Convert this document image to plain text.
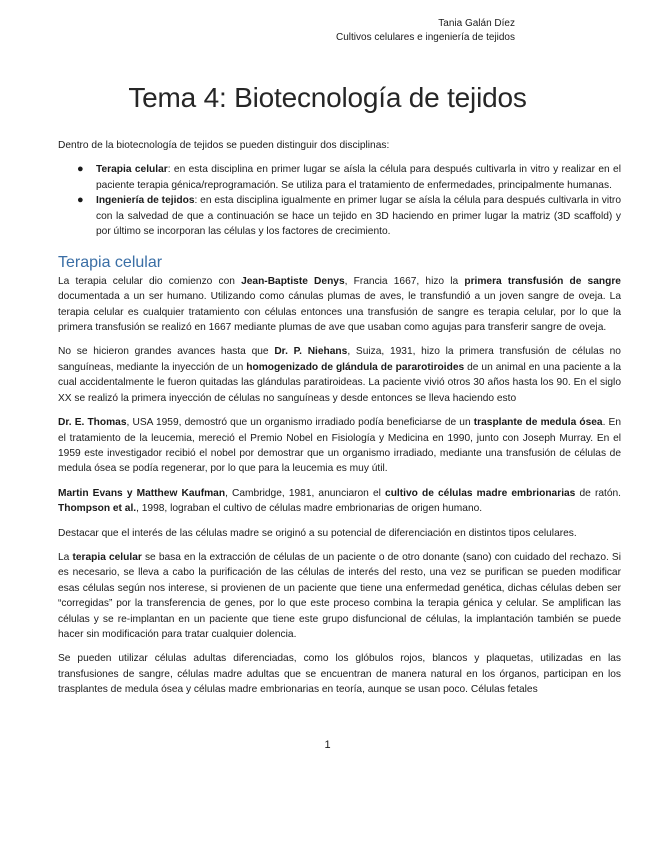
Tania Galán Díez
Cultivos celulares e ingeniería de tejidos
Tema 4: Biotecnología de tejidos

Dentro de la biotecnología de tejidos se pueden distinguir dos disciplinas:

● Terapia celular: en esta disciplina en primer lugar se aísla la célula para después cultivarla in vitro y realizar en el paciente terapia génica/reprogramación. Se utiliza para el tratamiento de enfermedades, principalmente humanas.
● Ingeniería de tejidos: en esta disciplina igualmente en primer lugar se aísla la célula para después cultivarla in vitro con la salvedad de que a continuación se hace un tejido en 3D haciendo en primer lugar la matriz (3D scaffold) y por último se incorporan las células y los factores de crecimiento.
Terapia celular

La terapia celular dio comienzo con Jean-Baptiste Denys, Francia 1667, hizo la primera transfusión de sangre documentada a un ser humano. Utilizando como cánulas plumas de aves, le transfundió a un joven sangre de oveja. La terapia celular es cualquier tratamiento con células entonces una transfusión de sangre es terapia celular, por lo que la primera transfusión se realizó en 1667 mediante plumas de ave que usaban como agujas para transferir sangre de oveja.

No se hicieron grandes avances hasta que Dr. P. Niehans, Suiza, 1931, hizo la primera transfusión de células no sanguíneas, mediante la inyección de un homogenizado de glándula de pararotiroides de un animal en una paciente a la cual accidentalmente le fueron quitadas las glándulas paratiroideas. La paciente vivió otros 30 años hasta los 90. En el siglo XX se realizó la primera inyección de células no sanguíneas y desde entonces se lleva haciendo esto

Dr. E. Thomas, USA 1959, demostró que un organismo irradiado podía beneficiarse de un trasplante de medula ósea. En el tratamiento de la leucemia, mereció el Premio Nobel en Fisiología y Medicina en 1990, junto con Joseph Murray. En el 1959 este investigador recibió el nobel por demostrar que un organismo irradiado, mediante una transfusión de células de medula ósea se podía regenerar, por lo que para la leucemia es muy útil.

Martin Evans y Matthew Kaufman, Cambridge, 1981, anunciaron el cultivo de células madre embrionarias de ratón. Thompson et al., 1998, lograban el cultivo de células madre embrionarias de origen humano.

Destacar que el interés de las células madre se originó a su potencial de diferenciación en distintos tipos celulares.

La terapia celular se basa en la extracción de células de un paciente o de otro donante (sano) con cuidado del rechazo. Si es necesario, se lleva a cabo la purificación de las células de interés del resto, una vez se purifican se pueden modificar esas células según nos interese, si provienen de un paciente que tiene una enfermedad genética, dichas células deben ser “corregidas” por la transferencia de genes, por lo que este proceso combina la terapia génica y celular. Se amplifican las células y se re-implantan en un paciente que tiene este grupo disfuncional de células, la implantación también se puede hacer sin modificación para tratar cualquier dolencia.

Se pueden utilizar células adultas diferenciadas, como los glóbulos rojos, blancos y plaquetas, utilizadas en las transfusiones de sangre, células madre adultas que se encuentran de manera natural en los órganos, participan en los trasplantes de medula ósea y células madre embrionarias en teoría, aunque se usan poco. Células fetales

1
